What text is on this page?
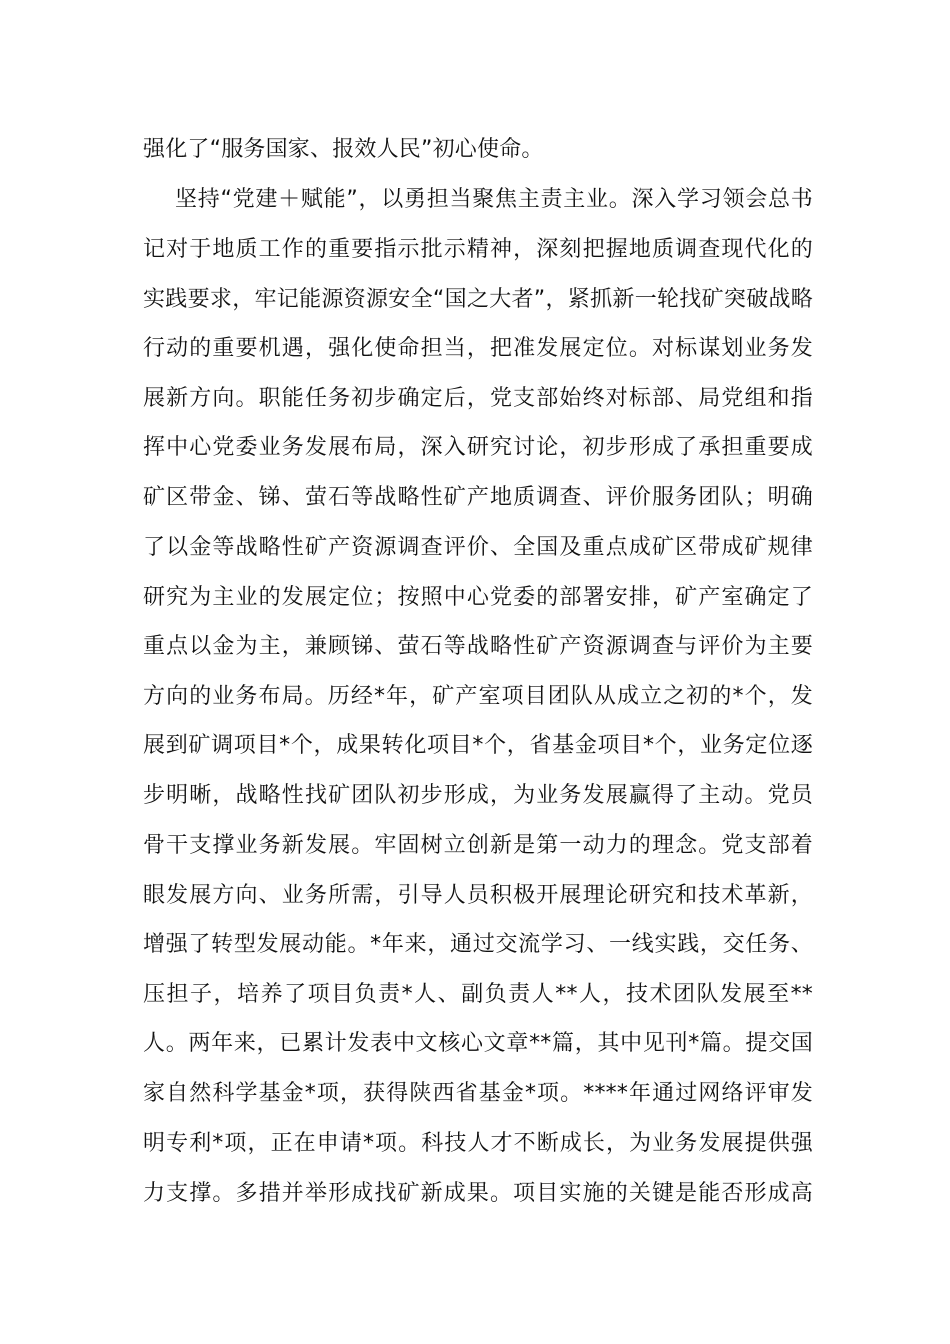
强化了“服务国家、报效人民”初心使命。
坚持“党建＋赋能”，以勇担当聚焦主责主业。深入学习领会总书
记对于地质工作的重要指示批示精神，深刻把握地质调查现代化的
实践要求，牢记能源资源安全“国之大者”，紧抓新一轮找矿突破战略
行动的重要机遇，强化使命担当，把准发展定位。对标谋划业务发
展新方向。职能任务初步确定后，党支部始终对标部、局党组和指
挥中心党委业务发展布局，深入研究讨论，初步形成了承担重要成
矿区带金、锑、萤石等战略性矿产地质调查、评价服务团队；明确
了以金等战略性矿产资源调查评价、全国及重点成矿区带成矿规律
研究为主业的发展定位；按照中心党委的部署安排，矿产室确定了
重点以金为主，兼顾锑、萤石等战略性矿产资源调查与评价为主要
方向的业务布局。历经*年，矿产室项目团队从成立之初的*个，发
展到矿调项目*个，成果转化项目*个，省基金项目*个，业务定位逐
步明晰，战略性找矿团队初步形成，为业务发展赢得了主动。党员
骨干支撑业务新发展。牢固树立创新是第一动力的理念。党支部着
眼发展方向、业务所需，引导人员积极开展理论研究和技术革新，
增强了转型发展动能。*年来，通过交流学习、一线实践，交任务、
压担子，培养了项目负责*人、副负责人**人，技术团队发展至**
人。两年来，已累计发表中文核心文章**篇，其中见刊*篇。提交国
家自然科学基金*项，获得陕西省基金*项。****年通过网络评审发
明专利*项，正在申请*项。科技人才不断成长，为业务发展提供强
力支撑。多措并举形成找矿新成果。项目实施的关键是能否形成高
